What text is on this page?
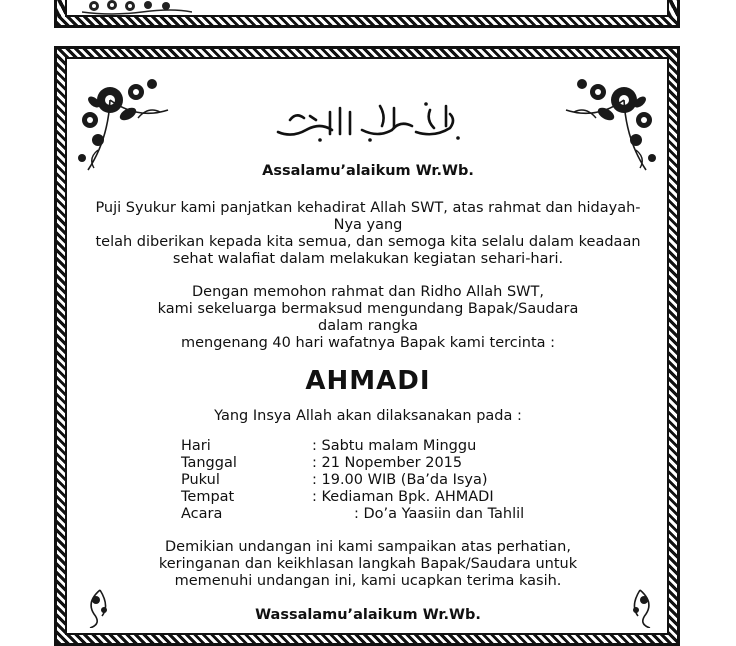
بسم الله الرحمن الرحيم
Assalamu’alaikum Wr.Wb.
Puji Syukur kami panjatkan kehadirat Allah SWT, atas rahmat dan hidayah-
Nya yang
telah diberikan kepada kita semua, dan semoga kita selalu dalam keadaan
sehat walafiat dalam melakukan kegiatan sehari-hari.
Dengan memohon rahmat dan Ridho Allah SWT,
kami sekeluarga bermaksud mengundang Bapak/Saudara
dalam rangka
mengenang 40 hari wafatnya Bapak kami tercinta :
AHMADI
Yang Insya Allah akan dilaksanakan pada :
Hari	: Sabtu malam Minggu
Tanggal	: 21 Nopember 2015
Pukul	: 19.00 WIB (Ba’da Isya)
Tempat	: Kediaman Bpk. AHMADI
Acara	: Do’a Yaasiin dan Tahlil
Demikian undangan ini kami sampaikan atas perhatian,
keringanan dan keikhlasan langkah Bapak/Saudara untuk
memenuhi undangan ini, kami ucapkan terima kasih.
Wassalamu’alaikum Wr.Wb.
